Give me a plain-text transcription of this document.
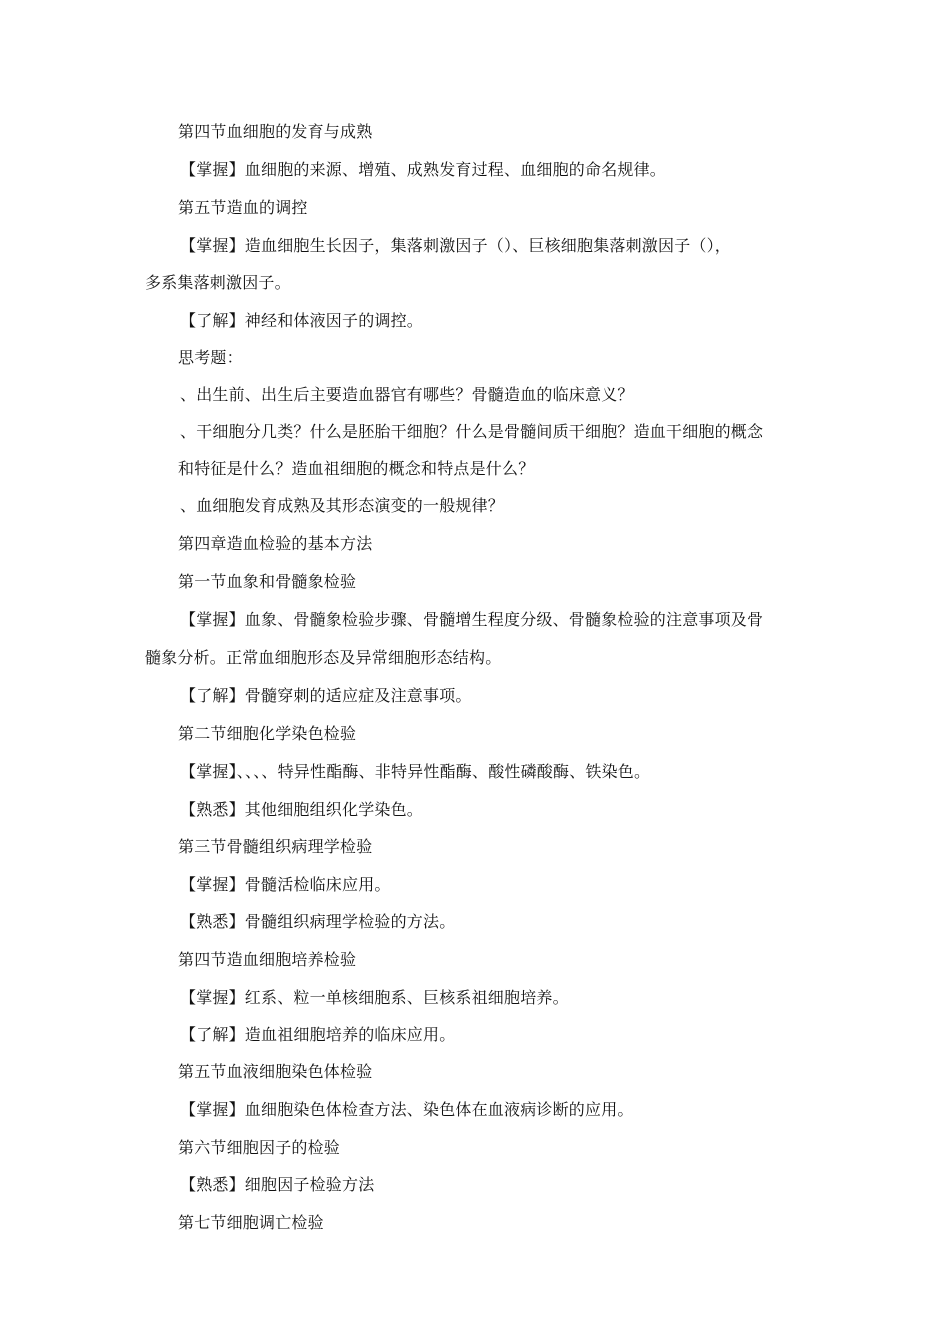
第四节血细胞的发育与成熟
【掌握】血细胞的来源、增殖、成熟发育过程、血细胞的命名规律。
第五节造血的调控
【掌握】造血细胞生长因子，集落刺激因子（）、巨核细胞集落刺激因子（），
多系集落刺激因子。
【了解】神经和体液因子的调控。
思考题：
、出生前、出生后主要造血器官有哪些？骨髓造血的临床意义？
、干细胞分几类？什么是胚胎干细胞？什么是骨髓间质干细胞？造血干细胞的概念
和特征是什么？造血祖细胞的概念和特点是什么？
、血细胞发育成熟及其形态演变的一般规律？
第四章造血检验的基本方法
第一节血象和骨髓象检验
【掌握】血象、骨髓象检验步骤、骨髓增生程度分级、骨髓象检验的注意事项及骨
髓象分析。正常血细胞形态及异常细胞形态结构。
【了解】骨髓穿刺的适应症及注意事项。
第二节细胞化学染色检验
【掌握】、、、、特异性酯酶、非特异性酯酶、酸性磷酸酶、铁染色。
【熟悉】其他细胞组织化学染色。
第三节骨髓组织病理学检验
【掌握】骨髓活检临床应用。
【熟悉】骨髓组织病理学检验的方法。
第四节造血细胞培养检验
【掌握】红系、粒一单核细胞系、巨核系祖细胞培养。
【了解】造血祖细胞培养的临床应用。
第五节血液细胞染色体检验
【掌握】血细胞染色体检查方法、染色体在血液病诊断的应用。
第六节细胞因子的检验
【熟悉】细胞因子检验方法
第七节细胞调亡检验
